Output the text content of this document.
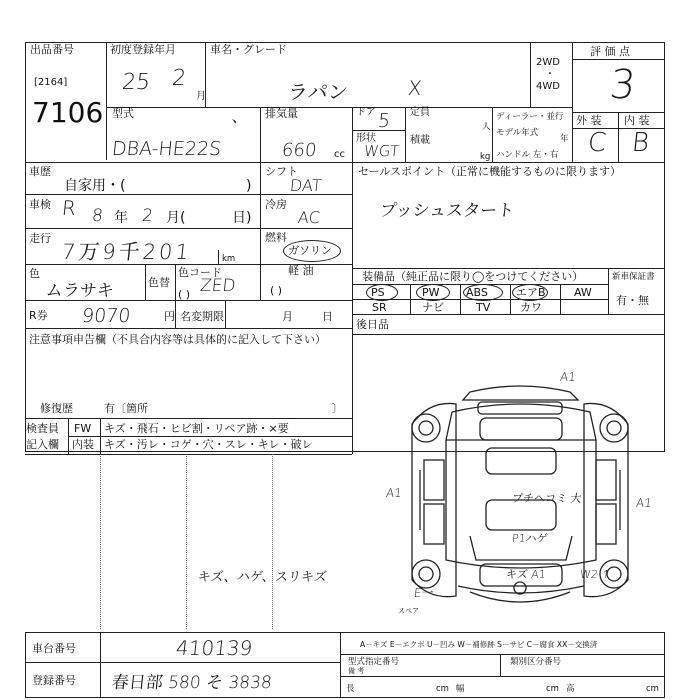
出品番号
[2164]
7106
初度登録年月
25 2
月
車名・グレード
ラパン	X
2WD
・
4WD
評 価 点
3
外 装 内 装
C B
型式	、
DBA-HE22S
排気量
660 cc
ドア 5
形状
WGT
定員
人
積載
kg
ディーラー・並行
モデル年式
年
ハンドル 左・右
車歴
自家用・(	)
シフト
DAT
車検 R 8 年 2 月(	日)
冷房
AC
走行
7万9千201	km
燃料
ガソリン
軽 油
( )
色
ムラサキ	色替
色コード
ZED
( )
R券 9070	円 名変期限	月	日
セールスポイント（正常に機能するものに限ります）
プッシュスタート
装備品（純正品に限り◯をつけてください）	新車保証書
PS	PW ABS	エアB	AW
SR	ナビ	TV	カワ
有・無
後日品
注意事項申告欄（不具合内容等は具体的に記入して下さい）
修復歴	有〔箇所	〕
検査員
記入欄
FW キズ・飛石・ヒビ割・リペア跡・×要
内装 キズ・汚レ・コゲ・穴・スレ・キレ・破レ
キズ、ハゲ、スリキズ
A1
A1
A1
プチヘコミ 大
P1ハゲ
キズ A1	W2 ↑
E一
スペア
車台番号	410139
登録番号 春日部 580 そ 3838
A－キズ E－エクボ U－凹み W－補修跡 S－サビ C－腐食 XX－交換済
型式指定番号	類別区分番号
備 考
長	幅	高
cm	cm	cm
